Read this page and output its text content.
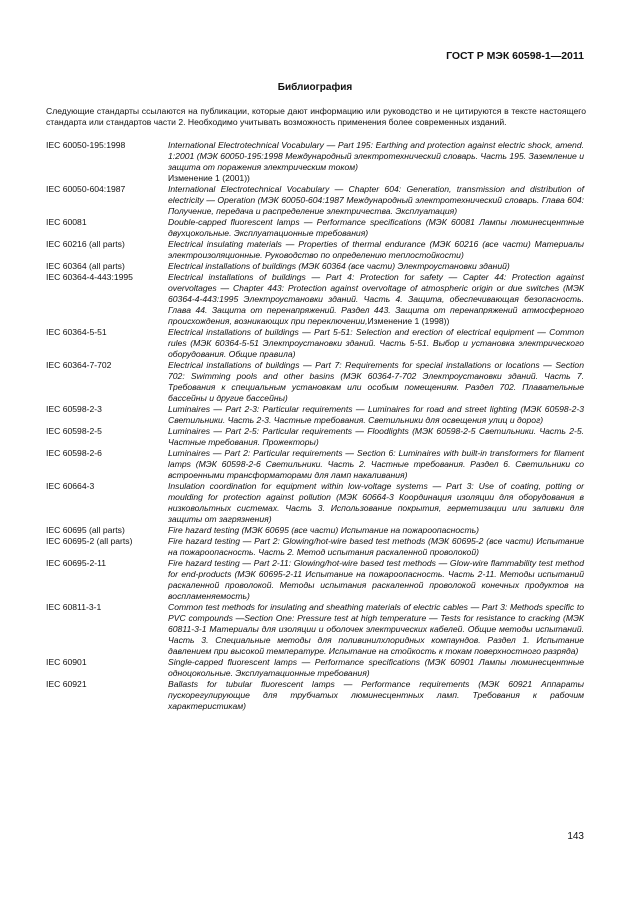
ГОСТ Р МЭК 60598-1—2011
Библиография
Следующие стандарты ссылаются на публикации, которые дают информацию или руководство и не цитируются в тексте настоящего стандарта или стандартов части 2. Необходимо учитывать возможность применения более современных изданий.
IEC 60050-195:1998	International Electrotechnical Vocabulary — Part 195: Earthing and protection against electric shock, amend. 1:2001 (МЭК 60050-195:1998 Международный электротехнический словарь. Часть 195. Заземление и защита от поражения электрическим током)
Изменение 1 (2001))
IEC 60050-604:1987	International Electrotechnical Vocabulary — Chapter 604: Generation, transmission and distribution of electricity — Operation (МЭК 60050-604:1987 Международный электротехнический словарь. Глава 604: Получение, передача и распределение электричества. Эксплуатация)
IEC 60081	Double-capped fluorescent lamps — Performance specifications (МЭК 60081 Лампы люминесцентные двухцокольные. Эксплуатационные требования)
IEC 60216 (all parts)	Electrical insulating materials — Properties of thermal endurance (МЭК 60216 (все части) Материалы электроизоляционные. Руководство по определению теплостойкости)
IEC 60364 (all parts)	Electrical installations of buildings (МЭК 60364 (все части) Электроустановки зданий)
IEC 60364-4-443:1995	Electrical installations of buildings — Part 4: Protection for safety — Capter 44: Protection against overvoltages — Chapter 443: Protection against overvoltage of atmospheric origin or due switches (МЭК 60364-4-443:1995 Электроустановки зданий. Часть 4. Защита, обеспечивающая безопасность. Глава 44. Защита от перенапряжений. Раздел 443. Защита от перенапряжений атмосферного происхождения, возникающих при переключении,Изменение 1 (1998))
IEC 60364-5-51	Electrical installations of buildings — Part 5-51: Selection and erection of electrical equipment — Common rules (МЭК 60364-5-51 Электроустановки зданий. Часть 5-51. Выбор и установка электрического оборудования. Общие правила)
IEC 60364-7-702	Electrical installations of buildings — Part 7: Requirements for special installations or locations — Section 702: Swimming pools and other basins (МЭК 60364-7-702 Электроустановки зданий. Часть 7. Требования к специальным установкам или особым помещениям. Раздел 702. Плавательные бассейны и другие бассейны)
IEC 60598-2-3	Luminaires — Part 2-3: Particular requirements — Luminaires for road and street lighting (МЭК 60598-2-3 Светильники. Часть 2-3. Частные требования. Светильники для освещения улиц и дорог)
IEC 60598-2-5	Luminaires — Part 2-5: Particular requirements — Floodlights (МЭК 60598-2-5 Светильники. Часть 2-5. Частные требования. Прожекторы)
IEC 60598-2-6	Luminaires — Part 2: Particular requirements — Section 6: Luminaires with built-in transformers for filament lamps (МЭК 60598-2-6 Светильники. Часть 2. Частные требования. Раздел 6. Светильники со встроенными трансформаторами для ламп накаливания)
IEC 60664-3	Insulation coordination for equipment within low-voltage systems — Part 3: Use of coating, potting or moulding for protection against pollution (МЭК 60664-3 Координация изоляции для оборудования в низковольтных системах. Часть 3. Использование покрытия, герметизации или заливки для защиты от загрязнения)
IEC 60695 (all parts)	Fire hazard testing (МЭК 60695 (все части) Испытание на пожароопасность)
IEC 60695-2 (all parts)	Fire hazard testing — Part 2: Glowing/hot-wire based test methods (МЭК 60695-2 (все части) Испытание на пожароопасность. Часть 2. Метод испытания раскаленной проволокой)
IEC 60695-2-11	Fire hazard testing — Part 2-11: Glowing/hot-wire based test methods — Glow-wire flammability test method for end-products (МЭК 60695-2-11 Испытание на пожароопасность. Часть 2-11. Методы испытаний раскаленной проволокой. Методы испытания раскаленной проволокой конечных продуктов на воспламеняемость)
IEC 60811-3-1	Common test methods for insulating and sheathing materials of electric cables — Part 3: Methods specific to PVC compounds —Section One: Pressure test at high temperature — Tests for resistance to cracking (МЭК 60811-3-1 Материалы для изоляции и оболочек электрических кабелей. Общие методы испытаний. Часть 3. Специальные методы для поливинилхлоридных компаундов. Раздел 1. Испытание давлением при высокой температуре. Испытание на стойкость к токам поверхностного разряда)
IEC 60901	Single-capped fluorescent lamps — Performance specifications (МЭК 60901 Лампы люминесцентные одноцокольные. Эксплуатационные требования)
IEC 60921	Ballasts for tubular fluorescent lamps — Performance requirements (МЭК 60921 Аппараты пускорегулирующие для трубчатых люминесцентных ламп. Требования к рабочим характеристикам)
143
